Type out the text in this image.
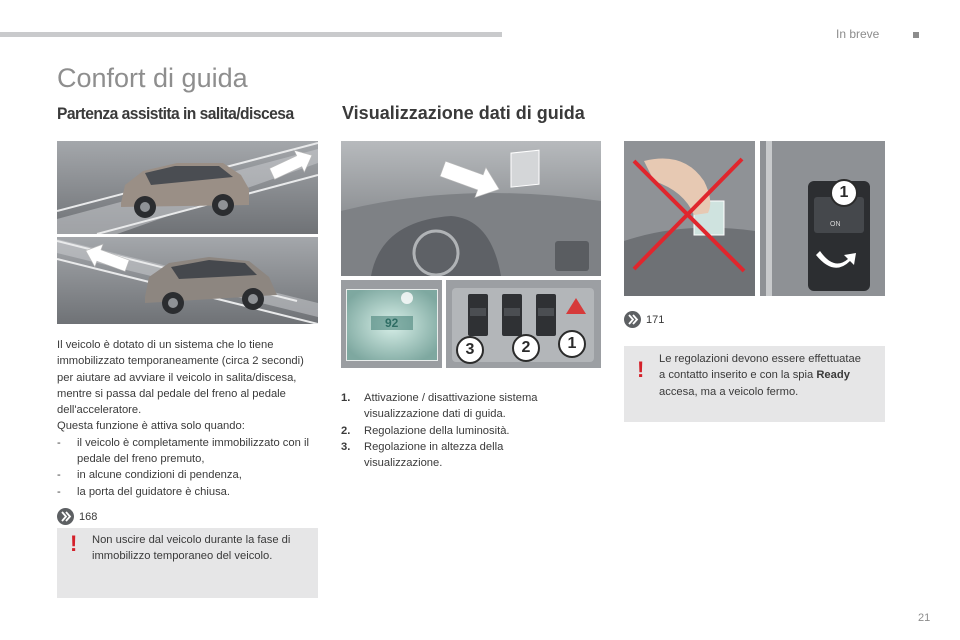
In breve
Confort di guida
Partenza assistita in salita/discesa	Visualizzazione dati di guida

Il veicolo è dotato di un sistema che lo tiene immobilizzato temporaneamente (circa 2 secondi) per aiutare ad avviare il veicolo in salita/discesa, mentre si passa dal pedale del freno al pedale dell'acceleratore.

Questa funzione è attiva solo quando:

-	il veicolo è completamente immobilizzato con il pedale del freno premuto,
-	in alcune condizioni di pendenza,
-	la porta del guidatore è chiusa.
168
! Non uscire dal veicolo durante la fase di immobilizzo temporaneo del veicolo.
92
3	2	1
1.	Attivazione / disattivazione sistema visualizzazione dati di guida.
2.	Regolazione della luminosità.
3.	Regolazione in altezza della visualizzazione.
1
ON
171
! Le regolazioni devono essere effettuatae a contatto inserito e con la spia Ready accesa, ma a veicolo fermo.
21
